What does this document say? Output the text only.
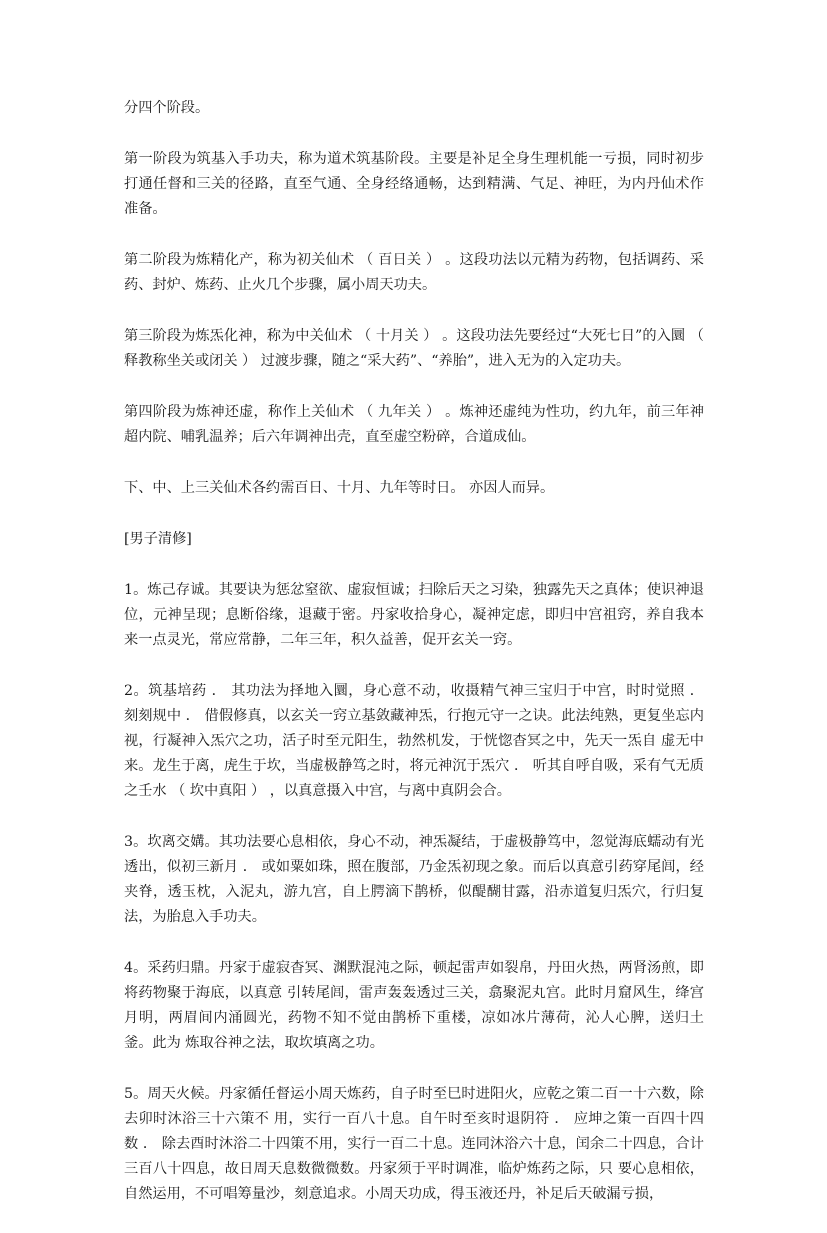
分四个阶段。

第一阶段为筑基入手功夫，称为道术筑基阶段。主要是补足全身生理机能一亏损，同时初步打通任督和三关的径路，直至气通、全身经络通畅，达到精满、气足、神旺，为内丹仙术作准备。

第二阶段为炼精化产，称为初关仙术 （ 百日关 ） 。这段功法以元精为药物，包括调药、采药、封炉、炼药、止火几个步骤，属小周天功夫。

第三阶段为炼炁化神，称为中关仙术 （ 十月关 ） 。这段功法先要经过“大死七日”的入圜 （ 释教称坐关或闭关 ） 过渡步骤，随之“采大药”、“养胎”，进入无为的入定功夫。

第四阶段为炼神还虚，称作上关仙术 （ 九年关 ） 。炼神还虚纯为性功，约九年，前三年神超内院、哺乳温养；后六年调神出壳，直至虚空粉碎，合道成仙。

下、中、上三关仙术各约需百日、十月、九年等时日。 亦因人而异。

[男子清修]

1。炼己存诚。其要诀为惩忿窒欲、虚寂恒诚；扫除后天之习染，独露先天之真体；使识神退位，元神呈现；息断俗缘，退藏于密。丹家收拾身心，凝神定虑，即归中宫祖窍，养自我本来一点灵光，常应常静，二年三年，积久益善，促开玄关一窍。

2。筑基培药 ． 其功法为择地入圜，身心意不动，收摄精气神三宝归于中宫，时时觉照 ． 刻刻规中 ． 借假修真，以玄关一窍立基敛藏神炁，行抱元守一之诀。此法纯熟，更复坐忘内视，行凝神入炁穴之功，活子时至元阳生，勃然机发，于恍惚杳冥之中，先天一炁自 虚无中来。龙生于离，虎生于坎，当虚极静笃之时，将元神沉于炁穴 ． 听其自呼自吸，采有气无质之壬水 （ 坎中真阳 ） ，以真意摄入中宫，与离中真阴会合。

3。坎离交媾。其功法要心息相依，身心不动，神炁凝结，于虚极静笃中，忽觉海底蠕动有光透出，似初三新月 ． 或如粟如珠，照在腹部，乃金炁初现之象。而后以真意引药穿尾闾，经夹脊，透玉枕，入泥丸，游九宫，自上腭滴下鹊桥，似醍醐甘露，沿赤道复归炁穴，行归复 法，为胎息入手功夫。

4。采药归鼎。丹家于虚寂杳冥、渊默混沌之际，顿起雷声如裂帛，丹田火热，两肾汤煎，即将药物聚于海底，以真意 引转尾闾，雷声轰轰透过三关，翕聚泥丸宫。此时月窟风生，绛宫月明，两眉间内涌圆光，药物不知不觉由鹊桥下重楼，凉如冰片薄荷，沁人心脾，送归土釜。此为 炼取谷神之法，取坎填离之功。

5。周天火候。丹家循任督运小周天炼药，自子时至巳时进阳火，应乾之策二百一十六数，除去卯时沐浴三十六策不 用，实行一百八十息。自午时至亥时退阴符 ． 应坤之策一百四十四数 ． 除去酉时沐浴二十四策不用，实行一百二十息。连同沐浴六十息，闰余二十四息，合计三百八十四息，故日周天息数微微数。丹家须于平时调准，临炉炼药之际，只 要心息相依，自然运用，不可唱筹量沙，刻意追求。小周天功成，得玉液还丹，补足后天破漏亏损，
